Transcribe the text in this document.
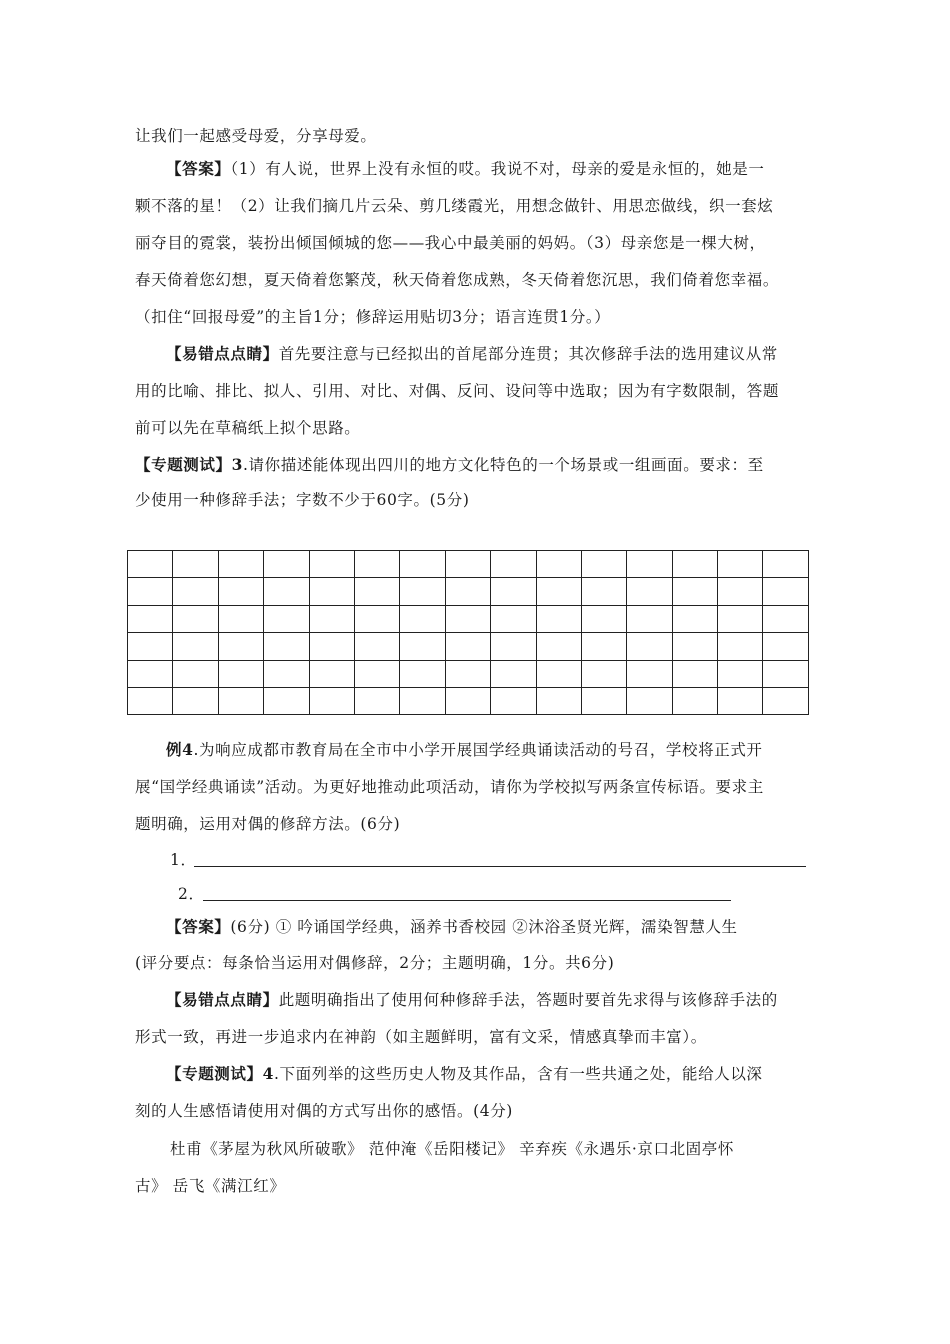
让我们一起感受母爱，分享母爱。
【答案】（1）有人说，世界上没有永恒的哎。我说不对，母亲的爱是永恒的，她是一
颗不落的星！（2）让我们摘几片云朵、剪几缕霞光，用想念做针、用思恋做线，织一套炫
丽夺目的霓裳，装扮出倾国倾城的您——我心中最美丽的妈妈。（3）母亲您是一棵大树，
春天倚着您幻想，夏天倚着您繁茂，秋天倚着您成熟，冬天倚着您沉思，我们倚着您幸福。
（扣住“回报母爱”的主旨1分；修辞运用贴切3分；语言连贯1分。）
【易错点点睛】首先要注意与已经拟出的首尾部分连贯；其次修辞手法的选用建议从常
用的比喻、排比、拟人、引用、对比、对偶、反问、设问等中选取；因为有字数限制，答题
前可以先在草稿纸上拟个思路。
【专题测试】3.请你描述能体现出四川的地方文化特色的一个场景或一组画面。要求：至
少使用一种修辞手法；字数不少于60字。(5分)

例4.为响应成都市教育局在全市中小学开展国学经典诵读活动的号召，学校将正式开
展“国学经典诵读”活动。为更好地推动此项活动，请你为学校拟写两条宣传标语。要求主
题明确，运用对偶的修辞方法。(6分)
1．
2．
【答案】(6分) ① 吟诵国学经典，涵养书香校园 ②沐浴圣贤光辉，濡染智慧人生
(评分要点：每条恰当运用对偶修辞，2分；主题明确，1分。共6分)
【易错点点睛】此题明确指出了使用何种修辞手法，答题时要首先求得与该修辞手法的
形式一致，再进一步追求内在神韵（如主题鲜明，富有文采，情感真挚而丰富）。
【专题测试】4.下面列举的这些历史人物及其作品，含有一些共通之处，能给人以深
刻的人生感悟请使用对偶的方式写出你的感悟。(4分)
杜甫《茅屋为秋风所破歌》 范仲淹《岳阳楼记》 辛弃疾《永遇乐·京口北固亭怀
古》 岳飞《满江红》
